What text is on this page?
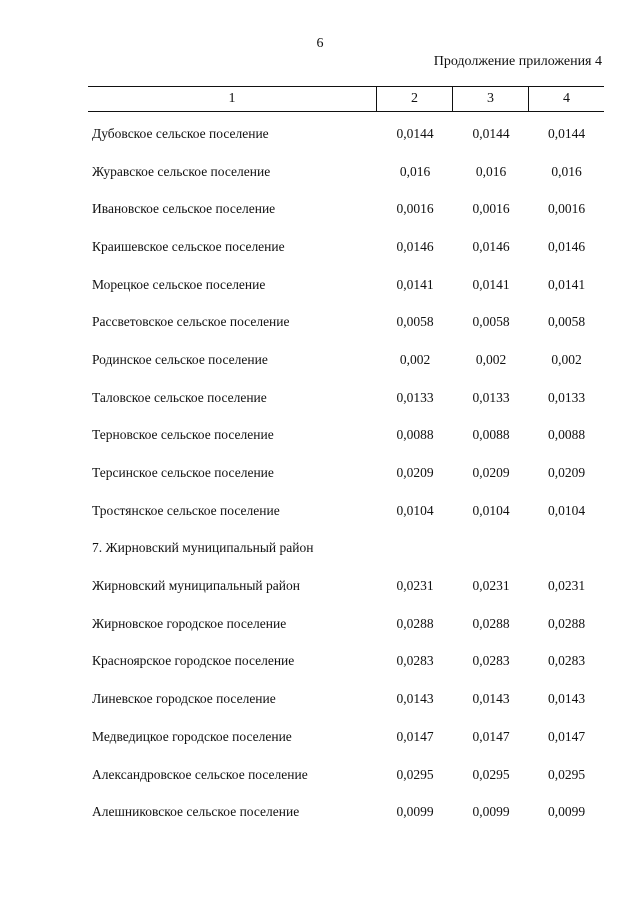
6
Продолжение приложения 4
1	2	3	4
Дубовское сельское поселение	0,0144	0,0144	0,0144
Журавское сельское поселение	0,016	0,016	0,016
Ивановское сельское поселение	0,0016	0,0016	0,0016
Краишевское сельское поселение	0,0146	0,0146	0,0146
Морецкое сельское поселение	0,0141	0,0141	0,0141
Рассветовское сельское поселение	0,0058	0,0058	0,0058
Родинское сельское поселение	0,002	0,002	0,002
Таловское сельское поселение	0,0133	0,0133	0,0133
Терновское сельское поселение	0,0088	0,0088	0,0088
Терсинское сельское поселение	0,0209	0,0209	0,0209
Тростянское сельское поселение	0,0104	0,0104	0,0104
7. Жирновский муниципальный район
Жирновский муниципальный район	0,0231	0,0231	0,0231
Жирновское городское поселение	0,0288	0,0288	0,0288
Красноярское городское поселение	0,0283	0,0283	0,0283
Линевское городское поселение	0,0143	0,0143	0,0143
Медведицкое городское поселение	0,0147	0,0147	0,0147
Александровское сельское поселение	0,0295	0,0295	0,0295
Алешниковское сельское поселение	0,0099	0,0099	0,0099
